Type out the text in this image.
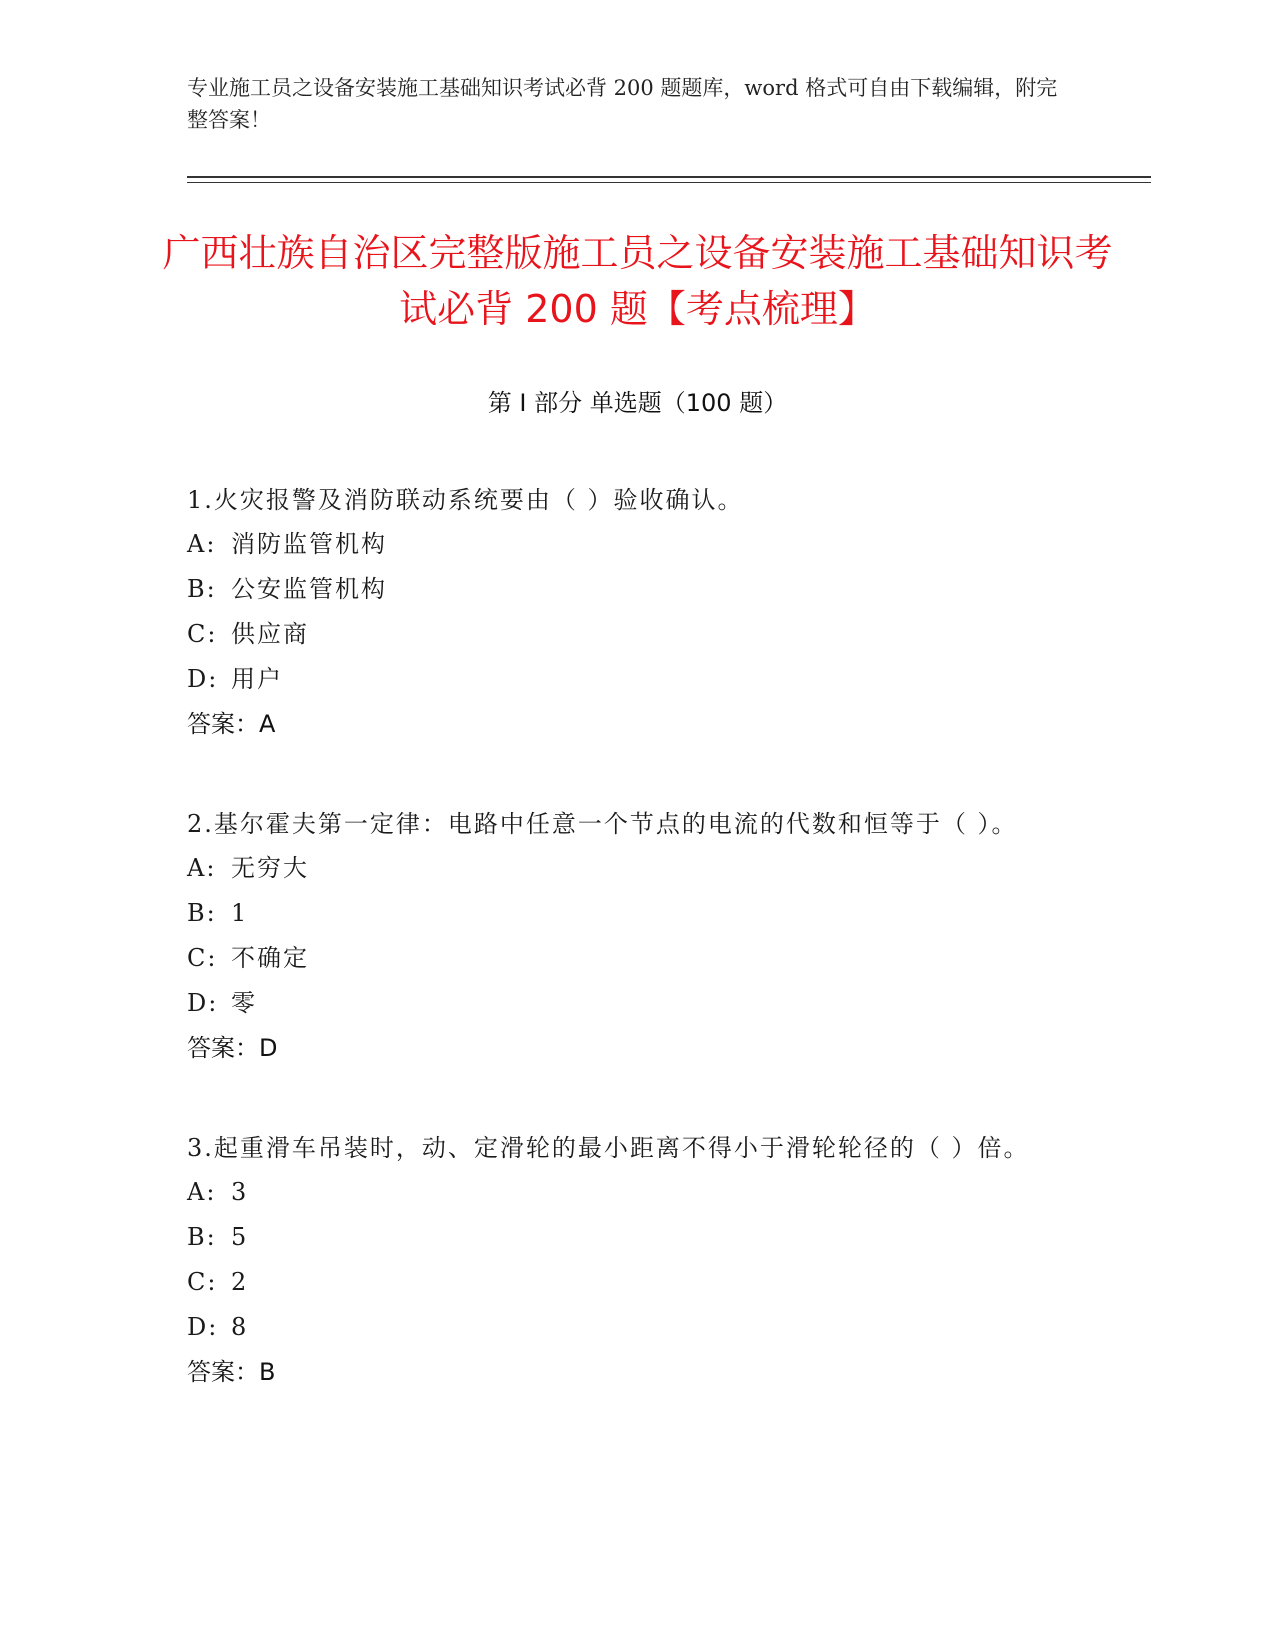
专业施工员之设备安装施工基础知识考试必背 200 题题库，word 格式可自由下载编辑，附完整答案！
广西壮族自治区完整版施工员之设备安装施工基础知识考试必背 200 题【考点梳理】
第 I 部分 单选题（100 题）
1.火灾报警及消防联动系统要由（ ）验收确认。
A: 消防监管机构
B: 公安监管机构
C: 供应商
D: 用户
答案：A
2.基尔霍夫第一定律：电路中任意一个节点的电流的代数和恒等于（ ）。
A: 无穷大
B: 1
C: 不确定
D: 零
答案：D
3.起重滑车吊装时，动、定滑轮的最小距离不得小于滑轮轮径的（ ）倍。
A: 3
B: 5
C: 2
D: 8
答案：B
